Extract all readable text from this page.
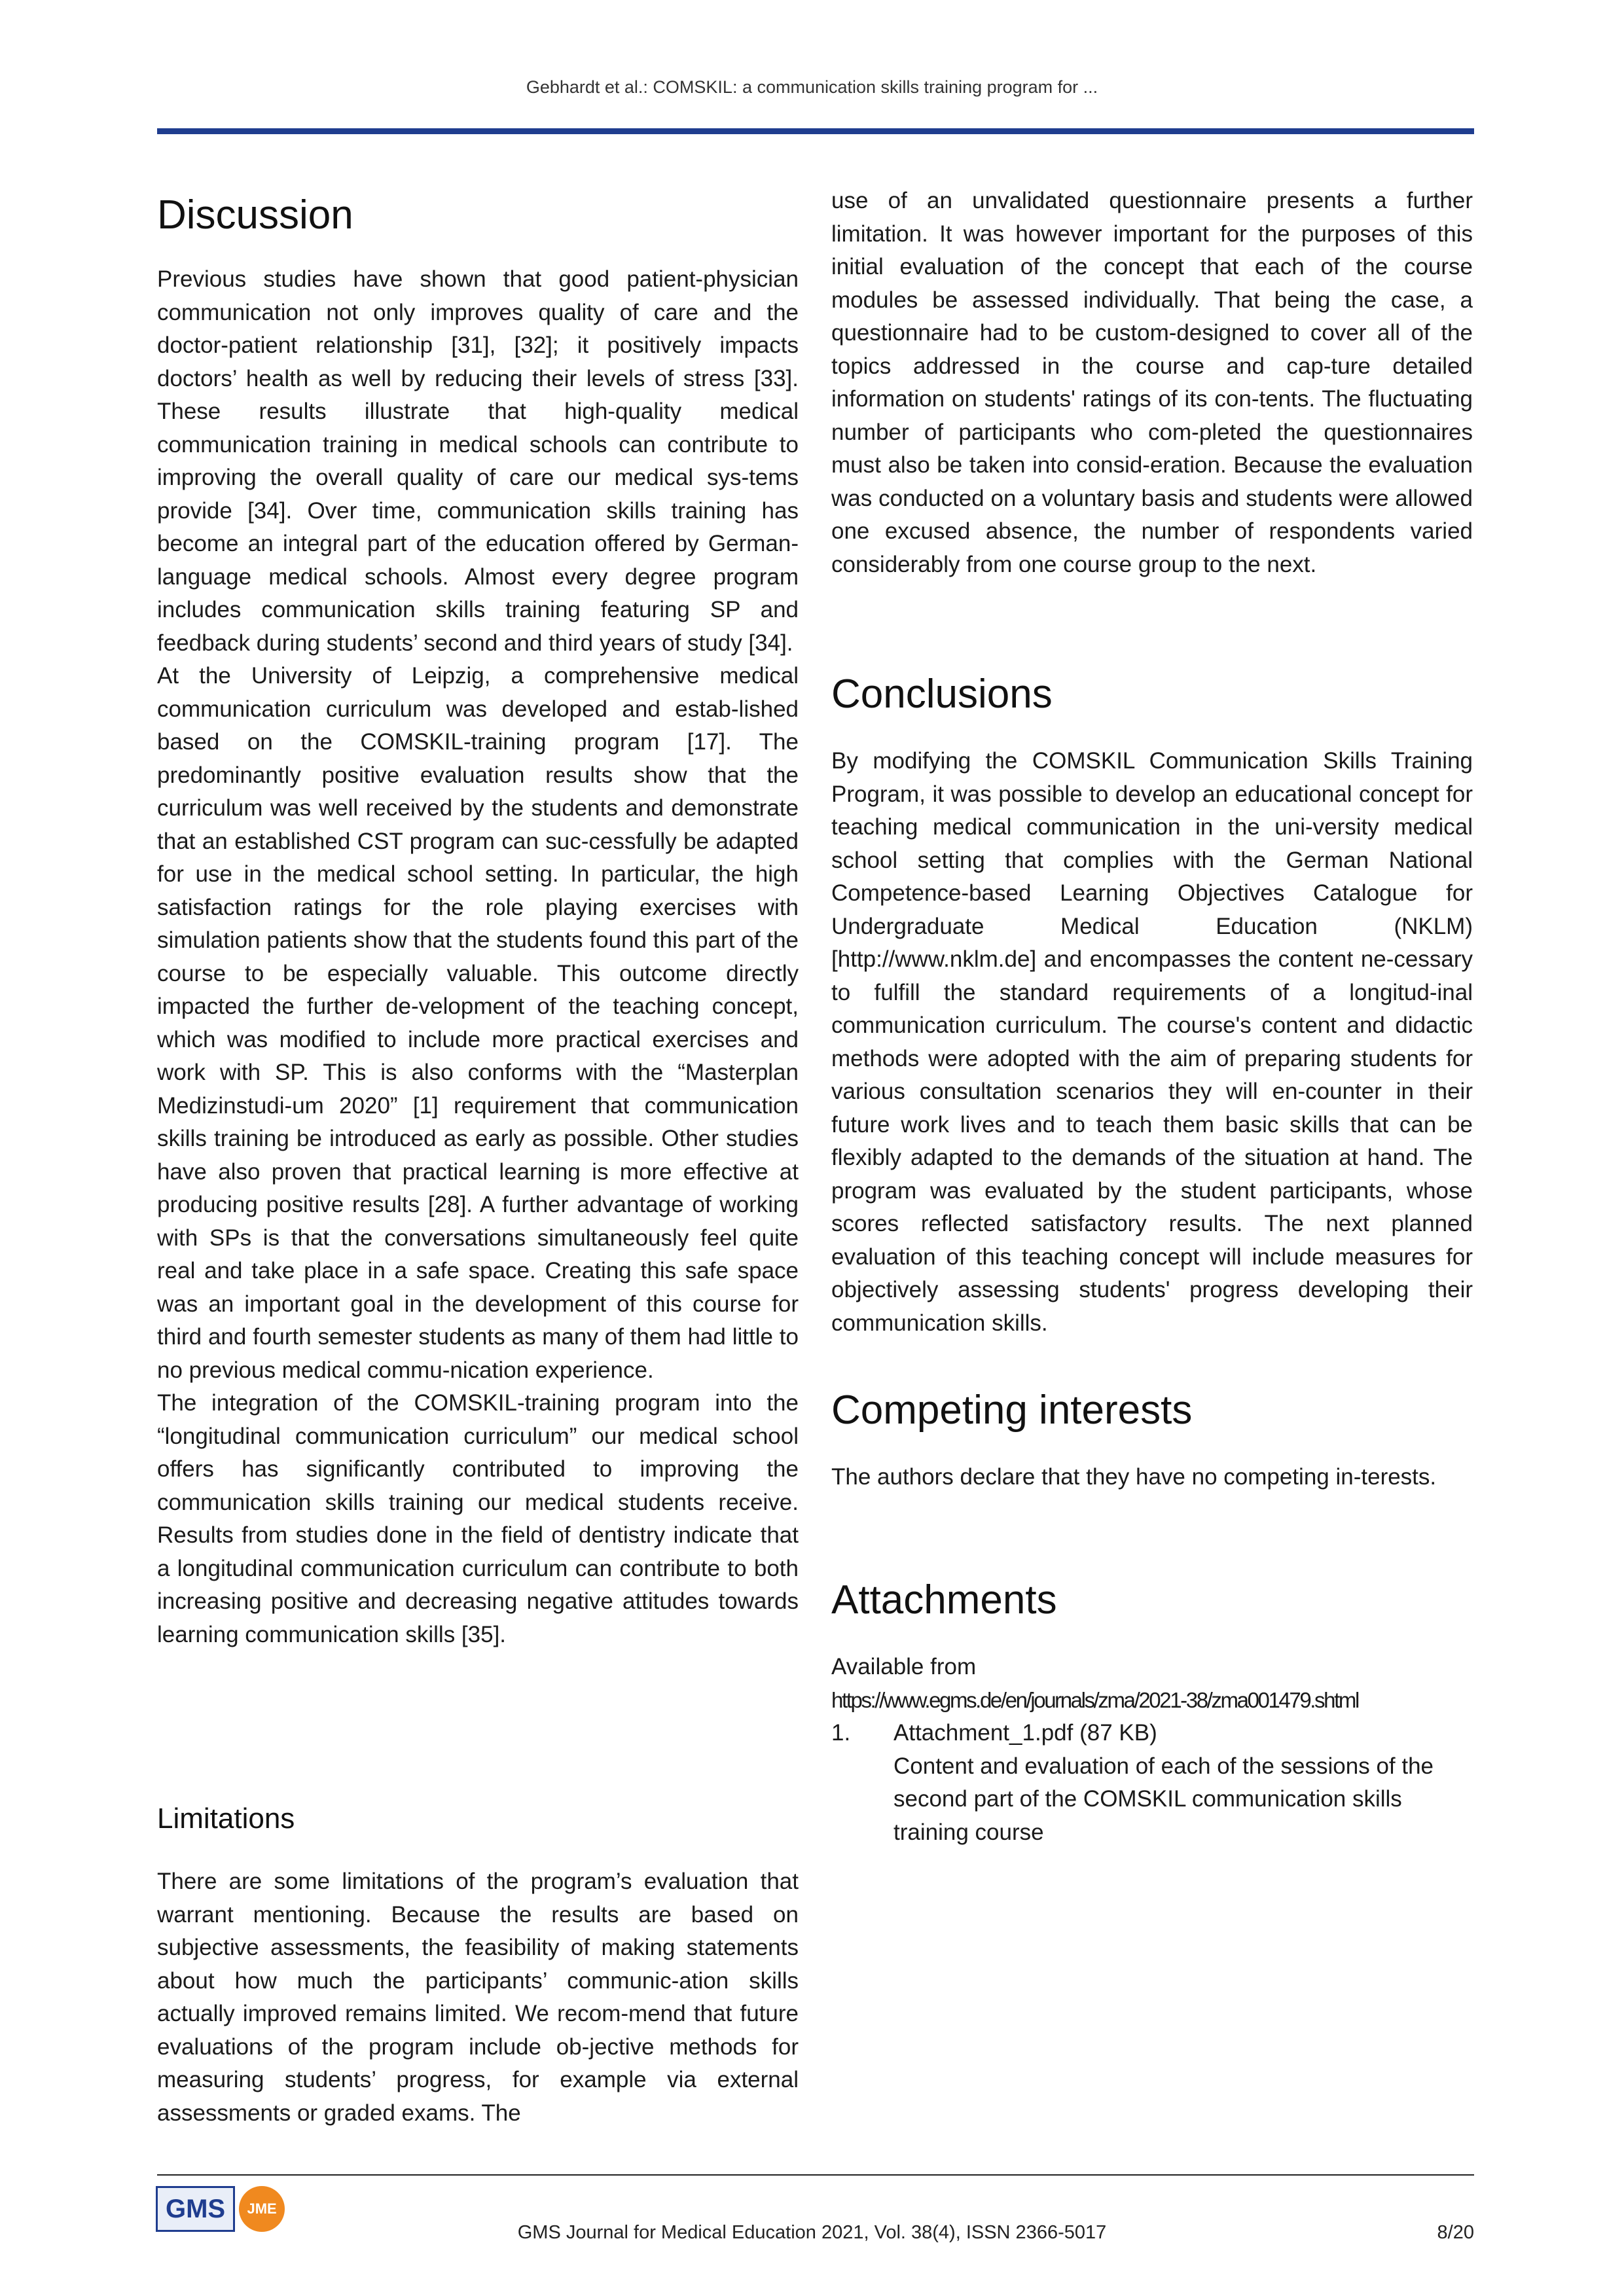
Gebhardt et al.: COMSKIL: a communication skills training program for ...
Discussion

Previous studies have shown that good patient-physician communication not only improves quality of care and the doctor-patient relationship [31], [32]; it positively impacts doctors’ health as well by reducing their levels of stress [33]. These results illustrate that high-quality medical communication training in medical schools can contribute to improving the overall quality of care our medical sys-tems provide [34]. Over time, communication skills training has become an integral part of the education offered by German-language medical schools. Almost every degree program includes communication skills training featuring SP and feedback during students’ second and third years of study [34].

At the University of Leipzig, a comprehensive medical communication curriculum was developed and estab-lished based on the COMSKIL-training program [17]. The predominantly positive evaluation results show that the curriculum was well received by the students and demonstrate that an established CST program can suc-cessfully be adapted for use in the medical school setting. In particular, the high satisfaction ratings for the role playing exercises with simulation patients show that the students found this part of the course to be especially valuable. This outcome directly impacted the further de-velopment of the teaching concept, which was modified to include more practical exercises and work with SP. This is also conforms with the “Masterplan Medizinstudi-um 2020” [1] requirement that communication skills training be introduced as early as possible. Other studies have also proven that practical learning is more effective at producing positive results [28]. A further advantage of working with SPs is that the conversations simultaneously feel quite real and take place in a safe space. Creating this safe space was an important goal in the development of this course for third and fourth semester students as many of them had little to no previous medical commu-nication experience.

The integration of the COMSKIL-training program into the “longitudinal communication curriculum” our medical school offers has significantly contributed to improving the communication skills training our medical students receive. Results from studies done in the field of dentistry indicate that a longitudinal communication curriculum can contribute to both increasing positive and decreasing negative attitudes towards learning communication skills [35].

Limitations

There are some limitations of the program’s evaluation that warrant mentioning. Because the results are based on subjective assessments, the feasibility of making statements about how much the participants’ communic-ation skills actually improved remains limited. We recom-mend that future evaluations of the program include ob-jective methods for measuring students’ progress, for example via external assessments or graded exams. The

use of an unvalidated questionnaire presents a further limitation. It was however important for the purposes of this initial evaluation of the concept that each of the course modules be assessed individually. That being the case, a questionnaire had to be custom-designed to cover all of the topics addressed in the course and cap-ture detailed information on students' ratings of its con-tents. The fluctuating number of participants who com-pleted the questionnaires must also be taken into consid-eration. Because the evaluation was conducted on a voluntary basis and students were allowed one excused absence, the number of respondents varied considerably from one course group to the next.

Conclusions

By modifying the COMSKIL Communication Skills Training Program, it was possible to develop an educational concept for teaching medical communication in the uni-versity medical school setting that complies with the German National Competence-based Learning Objectives Catalogue for Undergraduate Medical Education (NKLM) [http://www.nklm.de] and encompasses the content ne-cessary to fulfill the standard requirements of a longitud-inal communication curriculum. The course's content and didactic methods were adopted with the aim of preparing students for various consultation scenarios they will en-counter in their future work lives and to teach them basic skills that can be flexibly adapted to the demands of the situation at hand. The program was evaluated by the student participants, whose scores reflected satisfactory results. The next planned evaluation of this teaching concept will include measures for objectively assessing students' progress developing their communication skills.

Competing interests

The authors declare that they have no competing in-terests.

Attachments
Available from
https://www.egms.de/en/journals/zma/2021-38/zma001479.shtml
1.	Attachment_1.pdf (87 KB)
Content and evaluation of each of the sessions of the second part of the COMSKIL communication skills training course
GMS	JME
GMS Journal for Medical Education 2021, Vol. 38(4), ISSN 2366-5017	8/20
